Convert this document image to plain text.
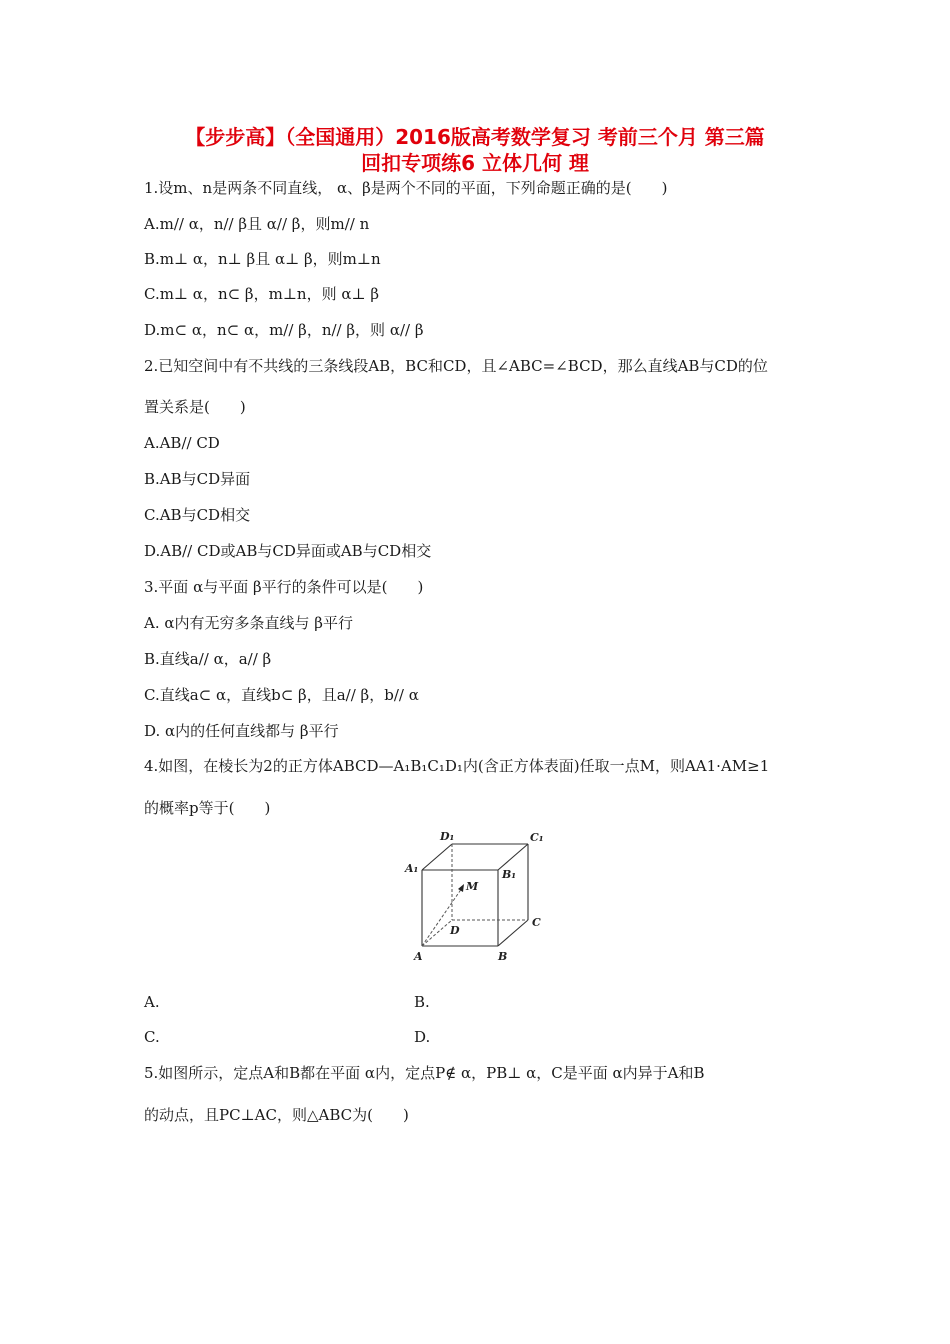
【步步高】（全国通用）2016版高考数学复习 考前三个月 第三篇
回扣专项练6 立体几何 理
1.设m、n是两条不同直线， α、β是两个不同的平面，下列命题正确的是(　　)
A.m// α，n// β且 α// β，则m// n
B.m⊥ α，n⊥ β且 α⊥ β，则m⊥n
C.m⊥ α，n⊂ β，m⊥n，则 α⊥ β
D.m⊂ α，n⊂ α，m// β，n// β，则 α// β
2.已知空间中有不共线的三条线段AB，BC和CD，且∠ABC=∠BCD，那么直线AB与CD的位
置关系是(　　)
A.AB// CD
B.AB与CD异面
C.AB与CD相交
D.AB// CD或AB与CD异面或AB与CD相交
3.平面 α与平面 β平行的条件可以是(　　)
A. α内有无穷多条直线与 β平行
B.直线a// α，a// β
C.直线a⊂ α，直线b⊂ β，且a// β，b// α
D. α内的任何直线都与 β平行
4.如图，在棱长为2的正方体ABCD—A₁B₁C₁D₁内(含正方体表面)任取一点M，则AA1·AM≥1
的概率p等于(　　)
D₁	C₁
A₁	B₁
M
C
D
A	B
A.	B.
C.	D.
5.如图所示，定点A和B都在平面 α内，定点P∉ α，PB⊥ α，C是平面 α内异于A和B
的动点，且PC⊥AC，则△ABC为(　　)
